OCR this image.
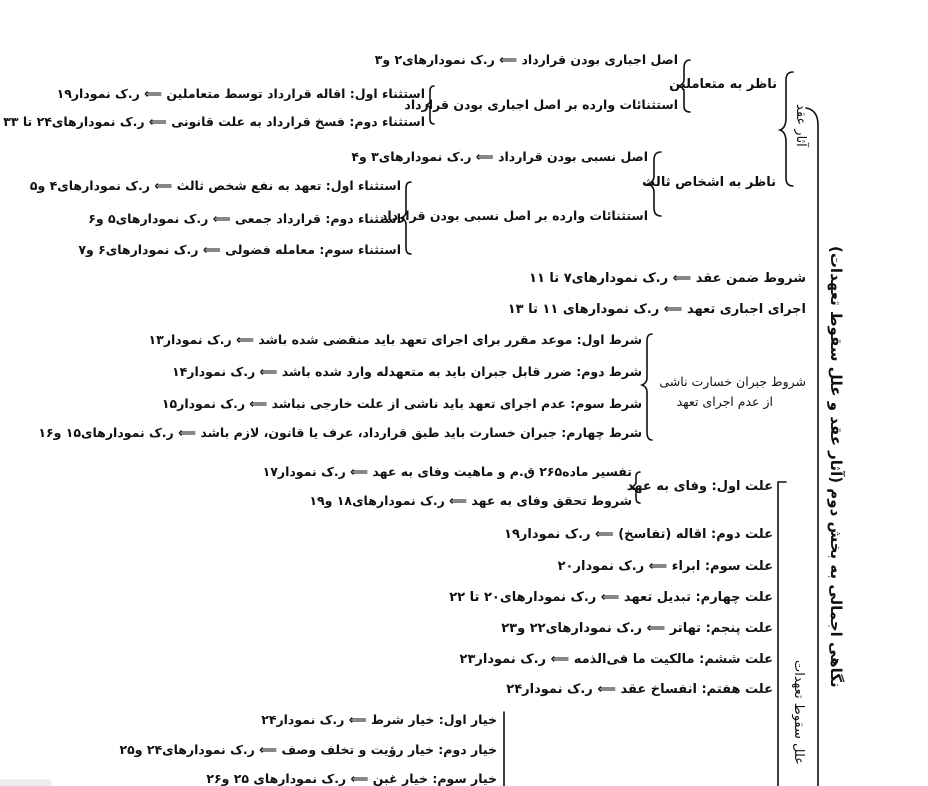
نگاهی اجمالی به بخش دوم (آثار عقد و علل سقوط تعهدات)
آثار عقد
علل سقوط تعهدات
ناظر به متعاملین
اصل اجباری بودن قرارداد ⟸ ر.ک نمودارهای۲ و۳
استثنائات وارده بر اصل اجباری بودن قرارداد
استثناء اول: اقاله قرارداد توسط متعاملین ⟸ ر.ک نمودار۱۹
استثناء دوم: فسخ قرارداد به علت قانونی ⟸ ر.ک نمودارهای۲۴ تا ۳۳
ناظر به اشخاص ثالث
اصل نسبی بودن قرارداد ⟸ ر.ک نمودارهای۳ و۴
استثنائات وارده بر اصل نسبی بودن قرارداد
استثناء اول: تعهد به نفع شخص ثالث ⟸ ر.ک نمودارهای۴ و۵
استثناء دوم: قرارداد جمعی ⟸ ر.ک نمودارهای۵ و۶
استثناء سوم: معامله فضولی ⟸ ر.ک نمودارهای۶ و۷
شروط ضمن عقد ⟸ ر.ک نمودارهای۷ تا ۱۱
اجرای اجباری تعهد ⟸ ر.ک نمودارهای ۱۱ تا ۱۳
شروط جبران خسارت ناشی
از عدم اجرای تعهد
شرط اول: موعد مقرر برای اجرای تعهد باید منقضی شده باشد ⟸ ر.ک نمودار۱۳
شرط دوم: ضرر قابل جبران باید به متعهدله وارد شده باشد ⟸ ر.ک نمودار۱۴
شرط سوم: عدم اجرای تعهد باید ناشی از علت خارجی نباشد ⟸ ر.ک نمودار۱۵
شرط چهارم: جبران خسارت باید طبق قرارداد، عرف یا قانون، لازم باشد ⟸ ر.ک نمودارهای۱۵ و۱۶
علت اول: وفای به عهد
تفسیر ماده۲۶۵ ق.م و ماهیت وفای به عهد ⟸ ر.ک نمودار۱۷
شروط تحقق وفای به عهد ⟸ ر.ک نمودارهای۱۸ و۱۹
علت دوم: اقاله (تفاسخ) ⟸ ر.ک نمودار۱۹
علت سوم: ابراء ⟸ ر.ک نمودار۲۰
علت چهارم: تبدیل تعهد ⟸ ر.ک نمودارهای۲۰ تا ۲۲
علت پنجم: تهاتر ⟸ ر.ک نمودارهای۲۲ و۲۳
علت ششم: مالکیت ما فی‌الذمه ⟸ ر.ک نمودار۲۳
علت هفتم: انفساخ عقد ⟸ ر.ک نمودار۲۴
خیار اول: خیار شرط ⟸ ر.ک نمودار۲۴
خیار دوم: خیار رؤیت و تخلف وصف ⟸ ر.ک نمودارهای۲۴ و۲۵
خیار سوم: خیار غبن ⟸ ر.ک نمودارهای ۲۵ و۲۶
